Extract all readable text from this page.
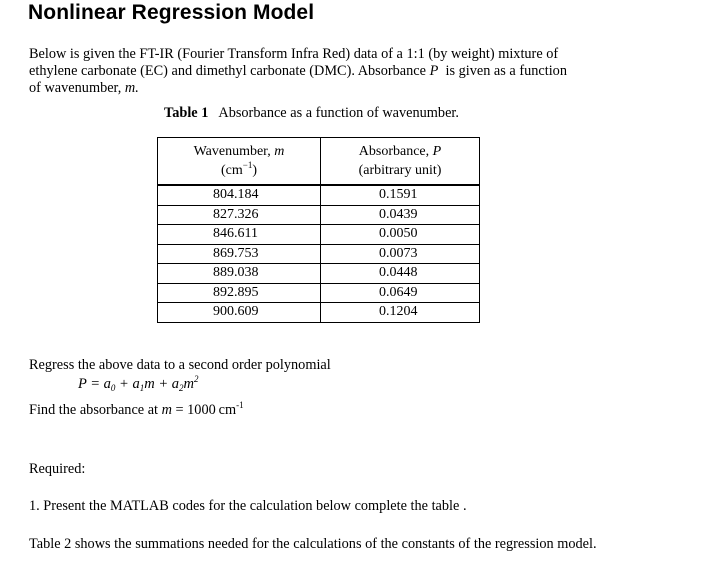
Nonlinear Regression Model
Below is given the FT-IR (Fourier Transform Infra Red) data of a 1:1 (by weight) mixture of
ethylene carbonate (EC) and dimethyl carbonate (DMC). Absorbance P is given as a function
of wavenumber, m.
Table 1 Absorbance as a function of wavenumber.
Wavenumber, m
$(cm^{-1})$	Absorbance, P
(arbitrary unit)
804.184	0.1591
827.326	0.0439
846.611	0.0050
869.753	0.0073
889.038	0.0448
892.895	0.0649
900.609	0.1204
Regress the above data to a second order polynomial
$P = a_0 + a_1m + a_2m^2$
Find the absorbance at m = 1000  $cm^{-1}$
Required:
1. Present the MATLAB codes for the calculation below complete the table .
Table 2 shows the summations needed for the calculations of the constants of the regression model.
